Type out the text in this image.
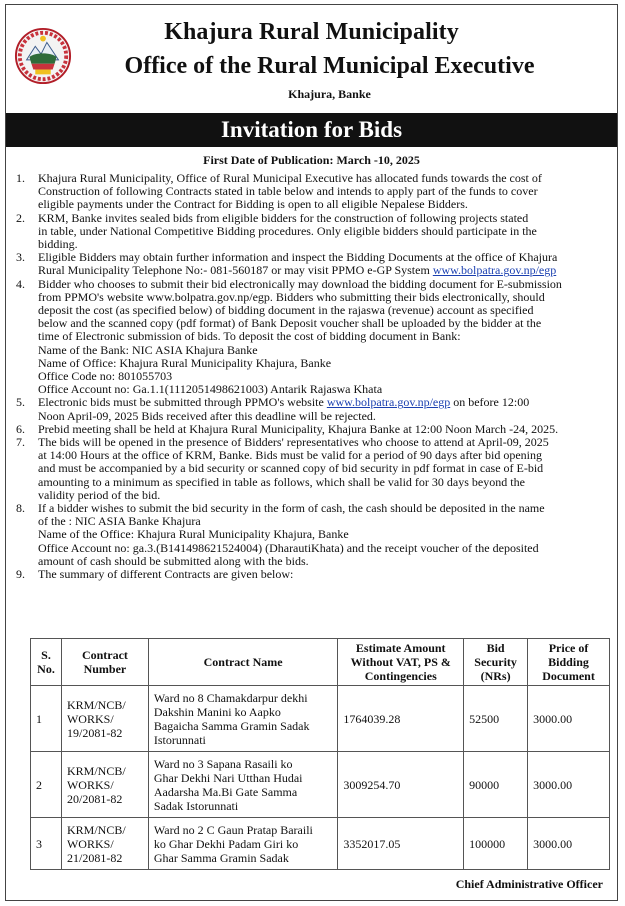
Khajura Rural Municipality
Office of the Rural Municipal Executive
Khajura, Banke
Invitation for Bids
First Date of Publication: March -10, 2025
1.	Khajura Rural Municipality, Office of Rural Municipal Executive has allocated funds towards the cost of
Construction of following Contracts stated in table below and intends to apply part of the funds to cover
eligible payments under the Contract for Bidding is open to all eligible Nepalese Bidders.
2.	KRM, Banke invites sealed bids from eligible bidders for the construction of following projects stated
in table, under National Competitive Bidding procedures. Only eligible bidders should participate in the
bidding.
3.	Eligible Bidders may obtain further information and inspect the Bidding Documents at the office of Khajura
Rural Municipality Telephone No:- 081-560187 or may visit PPMO e-GP System www.bolpatra.gov.np/egp
4.	Bidder who chooses to submit their bid electronically may download the bidding document for E-submission
from PPMO's website www.bolpatra.gov.np/egp. Bidders who submitting their bids electronically, should
deposit the cost (as specified below) of bidding document in the rajaswa (revenue) account as specified
below and the scanned copy (pdf format) of Bank Deposit voucher shall be uploaded by the bidder at the
time of Electronic submission of bids. To deposit the cost of bidding document in Bank:
Name of the Bank: NIC ASIA Khajura Banke
Name of Office: Khajura Rural Municipality Khajura, Banke
Office Code no: 801055703
Office Account no: Ga.1.1(1112051498621003) Antarik Rajaswa Khata
5.	Electronic bids must be submitted through PPMO's website www.bolpatra.gov.np/egp on before 12:00
Noon April-09, 2025 Bids received after this deadline will be rejected.
6.	Prebid meeting shall be held at Khajura Rural Municipality, Khajura Banke at 12:00 Noon March -24, 2025.
7.	The bids will be opened in the presence of Bidders' representatives who choose to attend at April-09, 2025
at 14:00 Hours at the office of KRM, Banke. Bids must be valid for a period of 90 days after bid opening
and must be accompanied by a bid security or scanned copy of bid security in pdf format in case of E-bid
amounting to a minimum as specified in table as follows, which shall be valid for 30 days beyond the
validity period of the bid.
8.	If a bidder wishes to submit the bid security in the form of cash, the cash should be deposited in the name
of the : NIC ASIA Banke Khajura
Name of the Office: Khajura Rural Municipality Khajura, Banke
Office Account no: ga.3.(B141498621524004) (DharautiKhata) and the receipt voucher of the deposited
amount of cash should be submitted along with the bids.
9.	The summary of different Contracts are given below:
S. No.	Contract Number	Contract Name	Estimate Amount Without VAT, PS & Contingencies	Bid Security (NRs)	Price of Bidding Document
1	KRM/NCB/
WORKS/
19/2081-82	Ward no 8 Chamakdarpur dekhi
Dakshin Manini ko Aapko
Bagaicha Samma Gramin Sadak
Istorunnati	1764039.28	52500	3000.00
2	KRM/NCB/
WORKS/
20/2081-82	Ward no 3 Sapana Rasaili ko
Ghar Dekhi Nari Utthan Hudai
Aadarsha Ma.Bi Gate Samma
Sadak Istorunnati	3009254.70	90000	3000.00
3	KRM/NCB/
WORKS/
21/2081-82	Ward no 2 C Gaun Pratap Baraili
ko Ghar Dekhi Padam Giri ko
Ghar Samma Gramin Sadak	3352017.05	100000	3000.00
Chief Administrative Officer
